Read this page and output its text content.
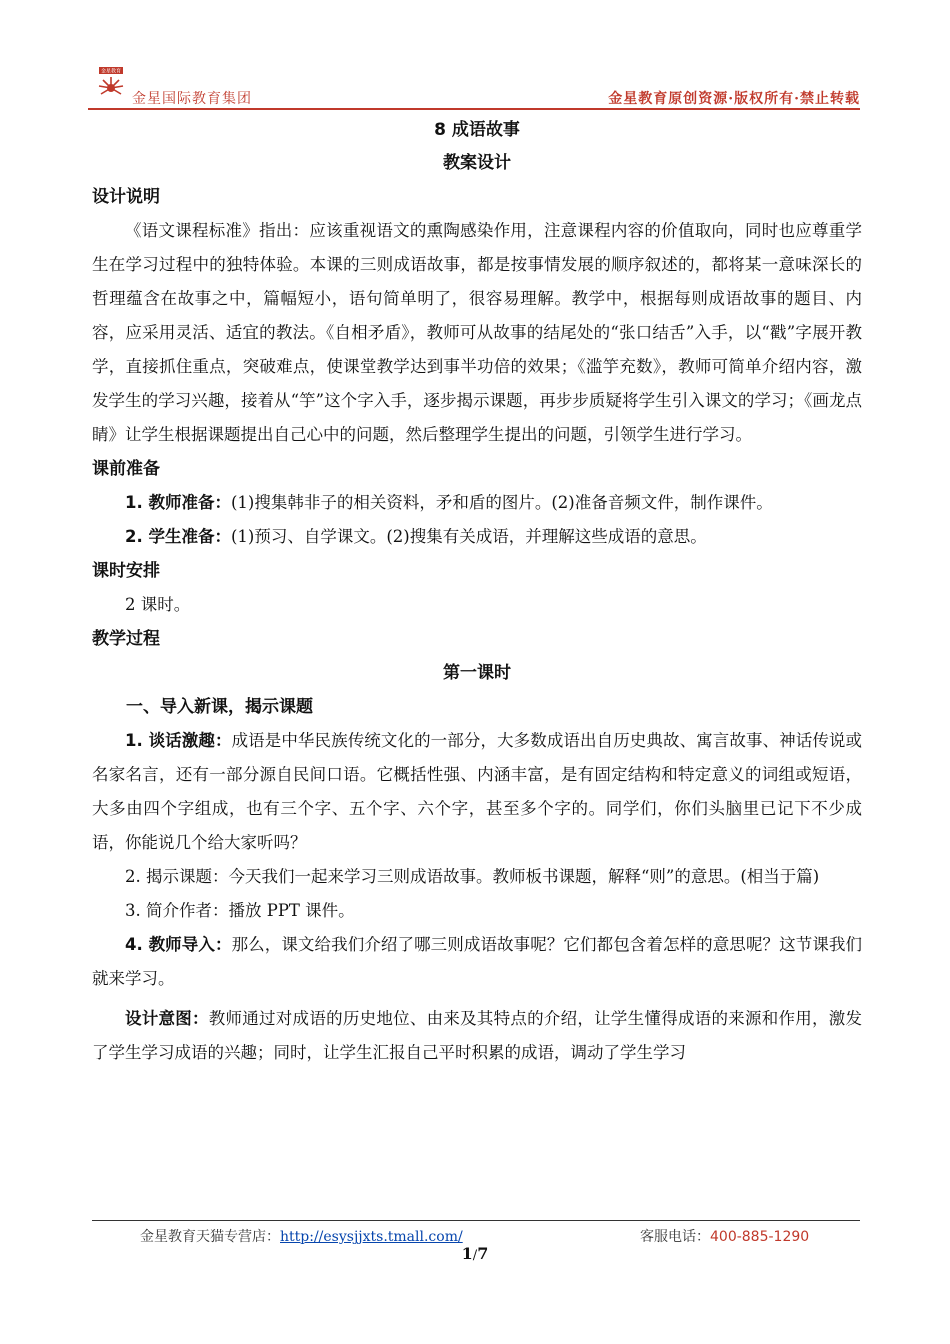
金星教育
金星国际教育集团	金星教育原创资源·版权所有·禁止转载
8 成语故事
教案设计
设计说明

《语文课程标准》指出：应该重视语文的熏陶感染作用，注意课程内容的价值取向，同时也应尊重学生在学习过程中的独特体验。本课的三则成语故事，都是按事情发展的顺序叙述的，都将某一意味深长的哲理蕴含在故事之中，篇幅短小，语句简单明了，很容易理解。教学中，根据每则成语故事的题目、内容，应采用灵活、适宜的教法。《自相矛盾》，教师可从故事的结尾处的“张口结舌”入手，以“戳”字展开教学，直接抓住重点，突破难点，使课堂教学达到事半功倍的效果；《滥竽充数》，教师可简单介绍内容，激发学生的学习兴趣，接着从“竽”这个字入手，逐步揭示课题，再步步质疑将学生引入课文的学习；《画龙点睛》让学生根据课题提出自己心中的问题，然后整理学生提出的问题，引领学生进行学习。

课前准备

1. 教师准备：(1)搜集韩非子的相关资料，矛和盾的图片。(2)准备音频文件，制作课件。

2. 学生准备：(1)预习、自学课文。(2)搜集有关成语，并理解这些成语的意思。

课时安排

2 课时。

教学过程
第一课时
一、导入新课，揭示课题

1. 谈话激趣：成语是中华民族传统文化的一部分，大多数成语出自历史典故、寓言故事、神话传说或名家名言，还有一部分源自民间口语。它概括性强、内涵丰富，是有固定结构和特定意义的词组或短语，大多由四个字组成，也有三个字、五个字、六个字，甚至多个字的。同学们，你们头脑里已记下不少成语，你能说几个给大家听吗？

2. 揭示课题：今天我们一起来学习三则成语故事。教师板书课题，解释“则”的意思。(相当于篇)

3. 简介作者：播放 PPT 课件。

4. 教师导入：那么，课文给我们介绍了哪三则成语故事呢？它们都包含着怎样的意思呢？这节课我们就来学习。

设计意图：教师通过对成语的历史地位、由来及其特点的介绍，让学生懂得成语的来源和作用，激发了学生学习成语的兴趣；同时，让学生汇报自己平时积累的成语，调动了学生学习

金星教育天猫专营店：http://esysjjxts.tmall.com/	客服电话：400-885-1290
1/7
